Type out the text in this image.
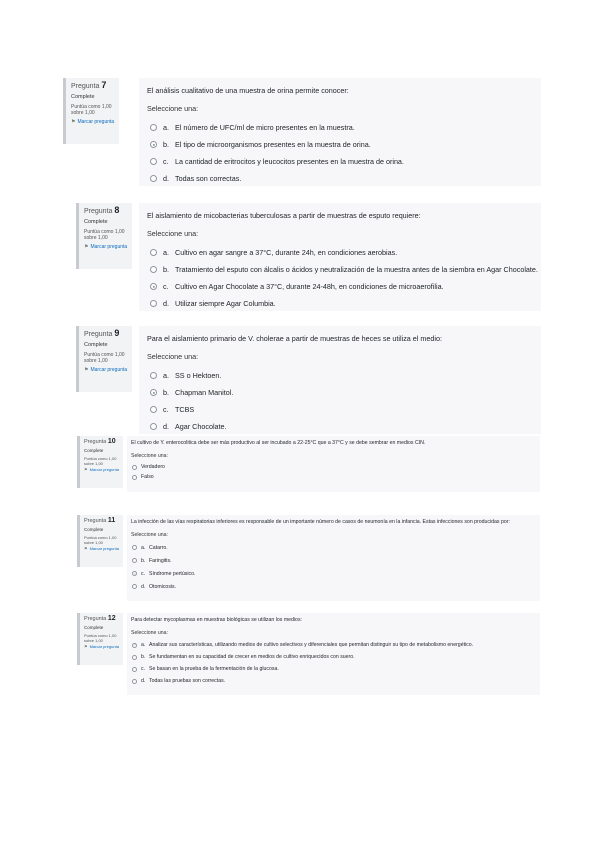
Pregunta 7
Complete
Puntúa como 1,00 sobre 1,00
⚑ Marcar pregunta
El análisis cualitativo de una muestra de orina permite conocer:
Seleccione una:
a. El número de UFC/ml de micro presentes en la muestra.
b. El tipo de microorganismos presentes en la muestra de orina.
c. La cantidad de eritrocitos y leucocitos presentes en la muestra de orina.
d. Todas son correctas.
Pregunta 8
Complete
Puntúa como 1,00 sobre 1,00
⚑ Marcar pregunta
El aislamiento de micobacterias tuberculosas a partir de muestras de esputo requiere:
Seleccione una:
a. Cultivo en agar sangre a 37°C, durante 24h, en condiciones aerobias.
b. Tratamiento del esputo con álcalis o ácidos y neutralización de la muestra antes de la siembra en Agar Chocolate.
c. Cultivo en Agar Chocolate a 37°C, durante 24-48h, en condiciones de microaerofilia.
d. Utilizar siempre Agar Columbia.
Pregunta 9
Complete
Puntúa como 1,00 sobre 1,00
⚑ Marcar pregunta
Para el aislamiento primario de V. cholerae a partir de muestras de heces se utiliza el medio:
Seleccione una:
a. SS o Hektoen.
b. Chapman Manitol.
c. TCBS
d. Agar Chocolate.
Pregunta 10
Complete
Puntúa como 1,00 sobre 1,00
⚑ Marcar pregunta
El cultivo de Y. enterocolitica debe ser más productivo al ser incubado a 22-25°C que a 37°C y se debe sembrar en medios CIN.
Seleccione una:
Verdadero
Falso
Pregunta 11
Complete
Puntúa como 1,00 sobre 1,00
⚑ Marcar pregunta
La infección de las vías respiratorias inferiores es responsable de un importante número de casos de neumonía en la infancia. Estas infecciones son producidas por:
Seleccione una:
a. Catarro.
b. Faringitis.
c. Síndrome pertúsico.
d. Otomicosis.
Pregunta 12
Complete
Puntúa como 1,00 sobre 1,00
⚑ Marcar pregunta
Para detectar mycoplasmas en muestras biológicas se utilizan los medios:
Seleccione una:
a. Analizar sus características, utilizando medios de cultivo selectivos y diferenciales que permitan distinguir su tipo de metabolismo energético.
b. Se fundamentan en su capacidad de crecer en medios de cultivo enriquecidos con suero.
c. Se basan en la prueba de la fermentación de la glucosa.
d. Todas las pruebas son correctas.
